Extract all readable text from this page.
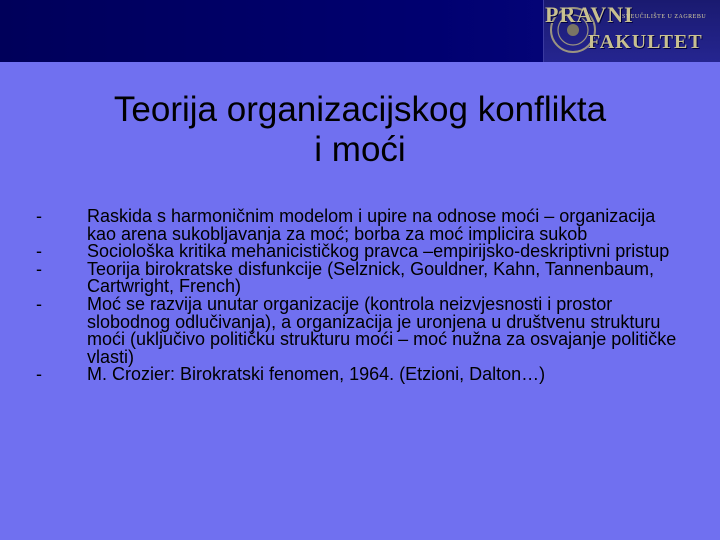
PRAVNI
SVEUČILIŠTE U ZAGREBU
FAKULTET
Teorija organizacijskog konflikta
i moći
-	Raskida s harmoničnim modelom i upire na odnose moći – organizacija kao arena sukobljavanja za moć; borba za moć implicira sukob
-	Sociološka kritika mehanicističkog pravca –empirijsko-deskriptivni pristup
-	Teorija birokratske disfunkcije (Selznick, Gouldner, Kahn, Tannenbaum, Cartwright, French)
-	Moć se razvija unutar organizacije (kontrola neizvjesnosti i prostor slobodnog odlučivanja), a organizacija je uronjena u društvenu strukturu moći (uključivo političku strukturu moći – moć nužna za osvajanje političke vlasti)
-	M. Crozier: Birokratski fenomen, 1964. (Etzioni, Dalton…)
